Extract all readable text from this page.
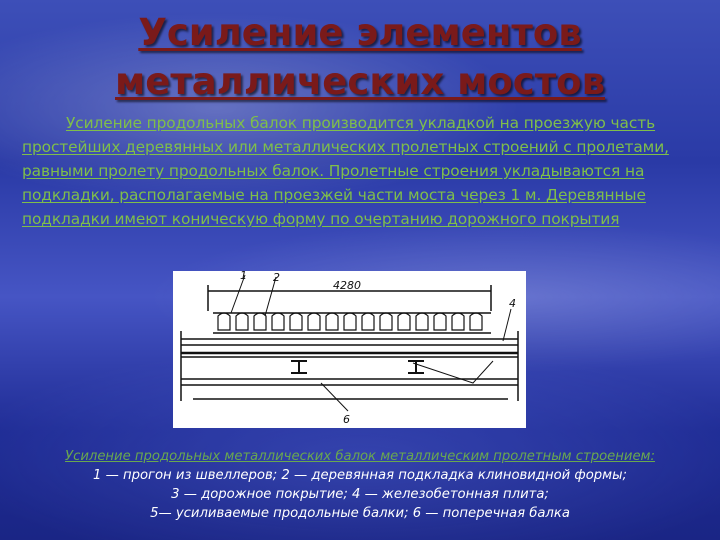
Усиление элементов
металлических мостов
Усиление продольных балок производится укладкой на проезжую часть простейших деревянных или металлических пролетных строений с пролетами, равными пролету продольных балок. Пролетные строения укладываются на подкладки, располагаемые на проезжей части моста через 1 м. Деревянные подкладки имеют коническую форму по очертанию дорожного покрытия
1 2
4280
4
6
Усиление продольных металлических балок металлическим пролетным строением:
1 — прогон из швеллеров; 2 — деревянная подкладка клиновидной формы;
3 — дорожное покрытие; 4 — железобетонная плита;
5— усиливаемые продольные балки; 6 — поперечная балка
